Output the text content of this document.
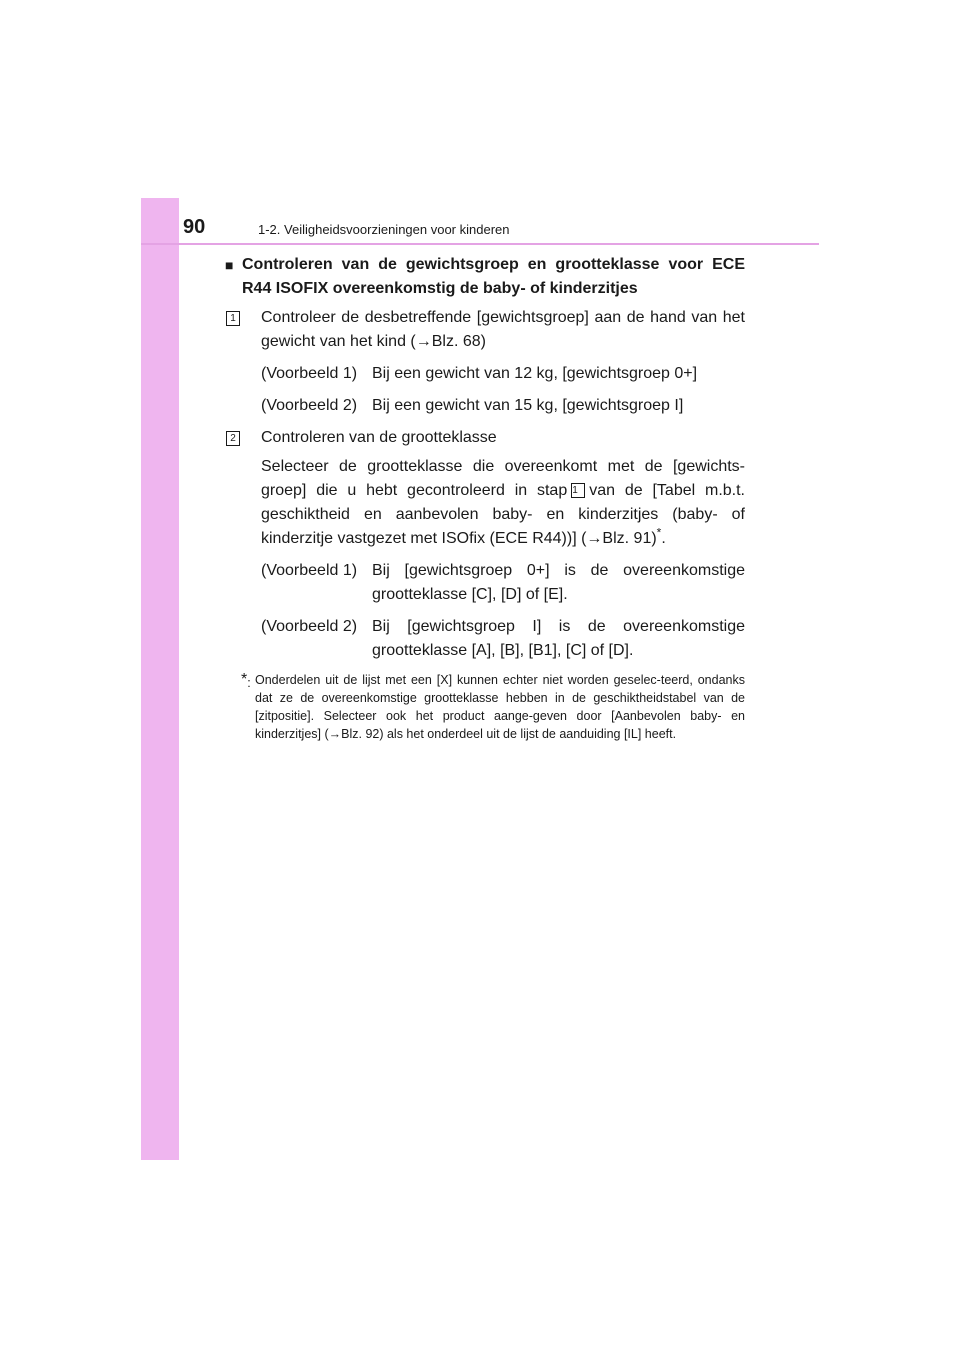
90	1-2. Veiligheidsvoorzieningen voor kinderen
■ Controleren van de gewichtsgroep en grootteklasse voor ECE R44 ISOFIX overeenkomstig de baby- of kinderzitjes
1 Controleer de desbetreffende [gewichtsgroep] aan de hand van het gewicht van het kind (→Blz. 68)
(Voorbeeld 1) Bij een gewicht van 12 kg, [gewichtsgroep 0+]
(Voorbeeld 2) Bij een gewicht van 15 kg, [gewichtsgroep I]
2 Controleren van de grootteklasse
Selecteer de grootteklasse die overeenkomt met de [gewichts-groep] die u hebt gecontroleerd in stap 1 van de [Tabel m.b.t. geschiktheid en aanbevolen baby- en kinderzitjes (baby- of kinderzitje vastgezet met ISOfix (ECE R44))] (→Blz. 91)*.
(Voorbeeld 1) Bij [gewichtsgroep 0+] is de overeenkomstige grootteklasse [C], [D] of [E].
(Voorbeeld 2) Bij [gewichtsgroep I] is de overeenkomstige grootteklasse [A], [B], [B1], [C] of [D].
*: Onderdelen uit de lijst met een [X] kunnen echter niet worden geselec-teerd, ondanks dat ze de overeenkomstige grootteklasse hebben in de geschiktheidstabel van de [zitpositie]. Selecteer ook het product aange-geven door [Aanbevolen baby- en kinderzitjes] (→Blz. 92) als het onderdeel uit de lijst de aanduiding [IL] heeft.
